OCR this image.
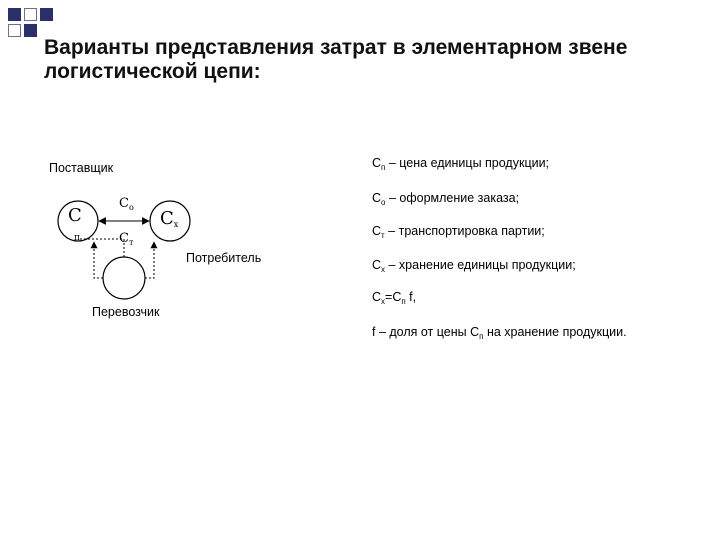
Варианты представления затрат в элементарном звене
логистической цепи:
Поставщик
Потребитель
Перевозчик
С
п
$С_х$
$С_о$
$С_т$
$С_п$ – цена единицы продукции;
$С_о$ – оформление заказа;
$С_т$ – транспортировка партии;
$С_х$ – хранение единицы продукции;
$С_х=С_п$ f,
f – доля от цены $С_п$ на хранение продукции.
